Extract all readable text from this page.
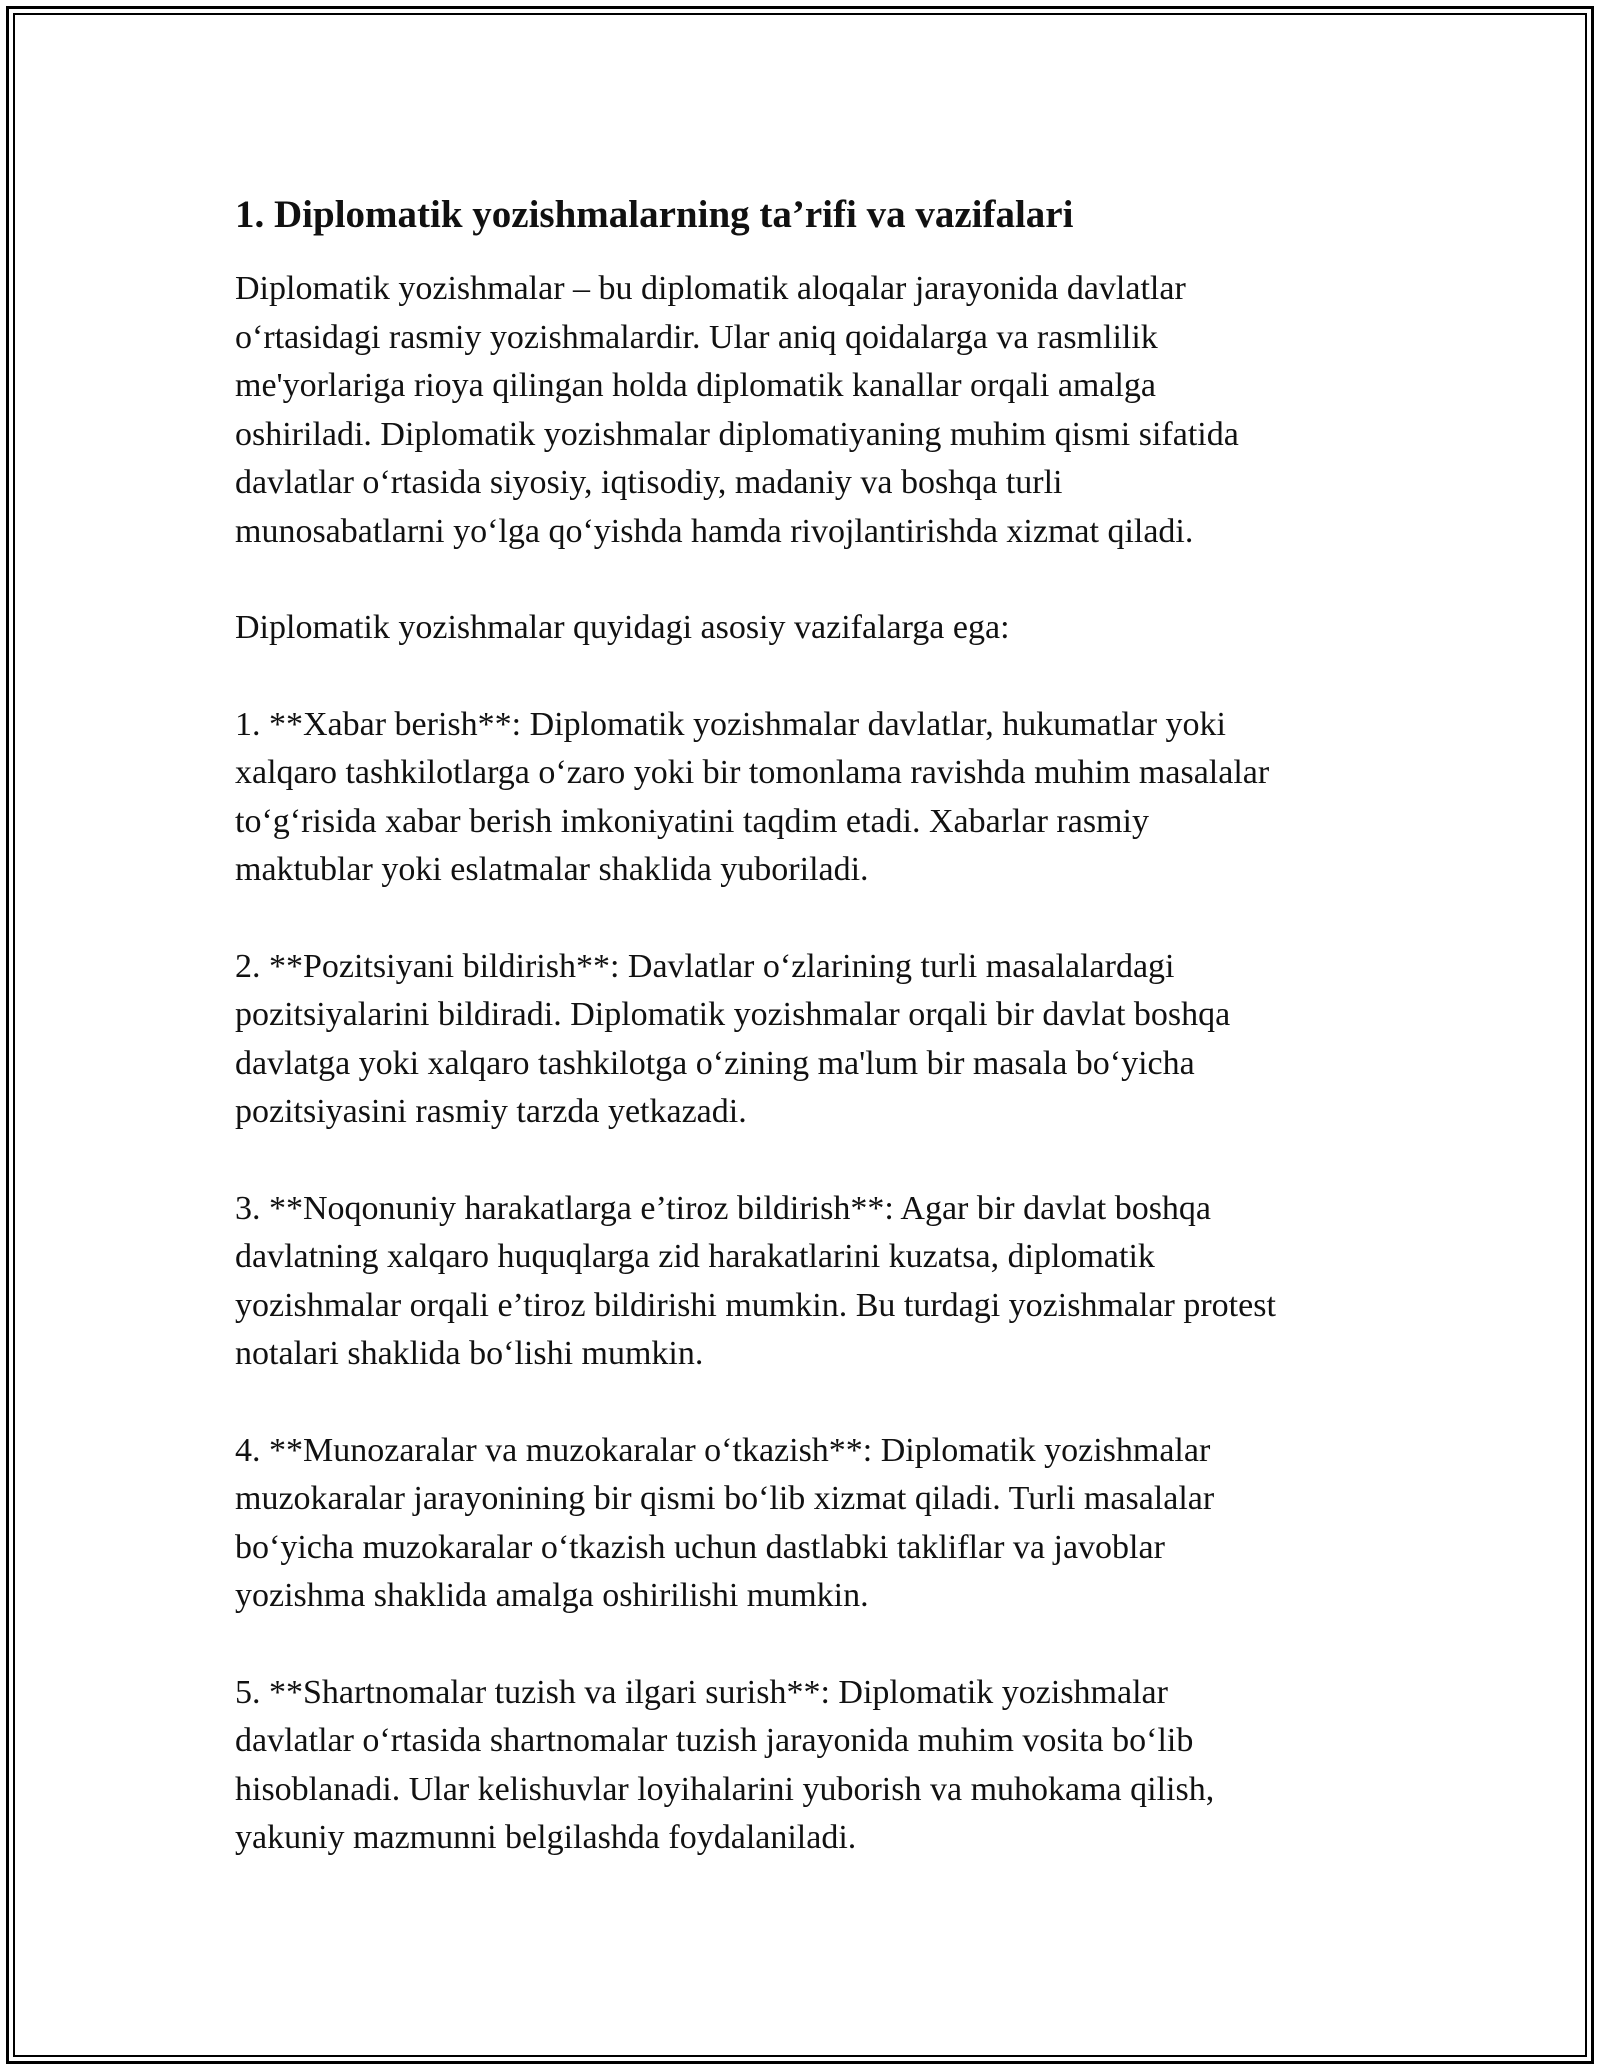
1. Diplomatik yozishmalarning ta’rifi va vazifalari

Diplomatik yozishmalar – bu diplomatik aloqalar jarayonida davlatlar
o‘rtasidagi rasmiy yozishmalardir. Ular aniq qoidalarga va rasmlilik
me'yorlariga rioya qilingan holda diplomatik kanallar orqali amalga
oshiriladi. Diplomatik yozishmalar diplomatiyaning muhim qismi sifatida
davlatlar o‘rtasida siyosiy, iqtisodiy, madaniy va boshqa turli
munosabatlarni yo‘lga qo‘yishda hamda rivojlantirishda xizmat qiladi.

Diplomatik yozishmalar quyidagi asosiy vazifalarga ega:

1. **Xabar berish**: Diplomatik yozishmalar davlatlar, hukumatlar yoki
xalqaro tashkilotlarga o‘zaro yoki bir tomonlama ravishda muhim masalalar
to‘g‘risida xabar berish imkoniyatini taqdim etadi. Xabarlar rasmiy
maktublar yoki eslatmalar shaklida yuboriladi.

2. **Pozitsiyani bildirish**: Davlatlar o‘zlarining turli masalalardagi
pozitsiyalarini bildiradi. Diplomatik yozishmalar orqali bir davlat boshqa
davlatga yoki xalqaro tashkilotga o‘zining ma'lum bir masala bo‘yicha
pozitsiyasini rasmiy tarzda yetkazadi.

3. **Noqonuniy harakatlarga e’tiroz bildirish**: Agar bir davlat boshqa
davlatning xalqaro huquqlarga zid harakatlarini kuzatsa, diplomatik
yozishmalar orqali e’tiroz bildirishi mumkin. Bu turdagi yozishmalar protest
notalari shaklida bo‘lishi mumkin.

4. **Munozaralar va muzokaralar o‘tkazish**: Diplomatik yozishmalar
muzokaralar jarayonining bir qismi bo‘lib xizmat qiladi. Turli masalalar
bo‘yicha muzokaralar o‘tkazish uchun dastlabki takliflar va javoblar
yozishma shaklida amalga oshirilishi mumkin.

5. **Shartnomalar tuzish va ilgari surish**: Diplomatik yozishmalar
davlatlar o‘rtasida shartnomalar tuzish jarayonida muhim vosita bo‘lib
hisoblanadi. Ular kelishuvlar loyihalarini yuborish va muhokama qilish,
yakuniy mazmunni belgilashda foydalaniladi.
